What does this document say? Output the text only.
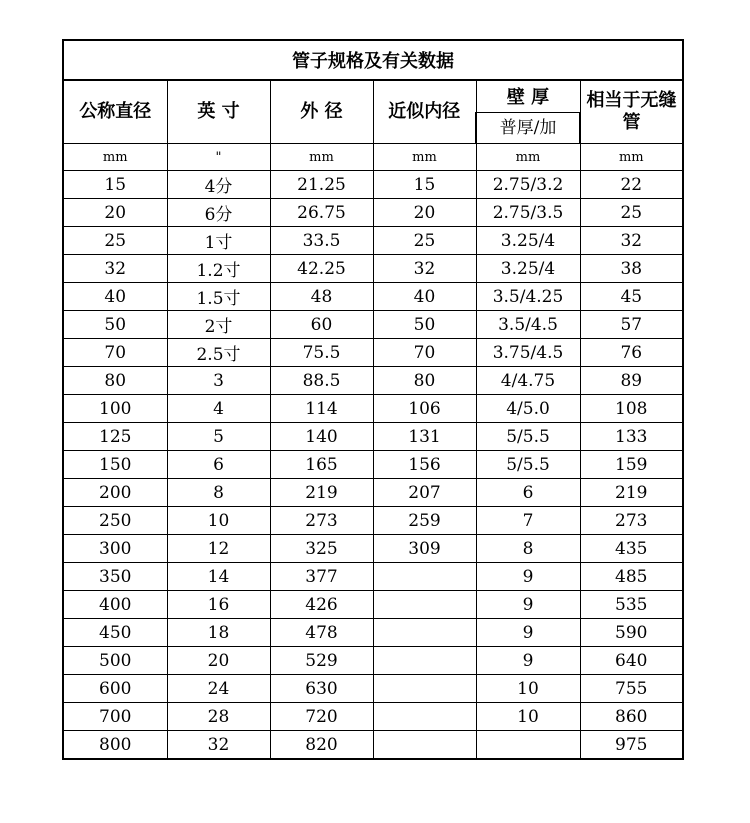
管子规格及有关数据					
公称直径	英 寸	外 径	近似内径	壁 厚	相当于无缝管
				普厚/加	
mm	"	mm	mm	mm	mm
15	4分	21.25	15	2.75/3.2	22
20	6分	26.75	20	2.75/3.5	25
25	1寸	33.5	25	3.25/4	32
32	1.2寸	42.25	32	3.25/4	38
40	1.5寸	48	40	3.5/4.25	45
50	2寸	60	50	3.5/4.5	57
70	2.5寸	75.5	70	3.75/4.5	76
80	3	88.5	80	4/4.75	89
100	4	114	106	4/5.0	108
125	5	140	131	5/5.5	133
150	6	165	156	5/5.5	159
200	8	219	207	6	219
250	10	273	259	7	273
300	12	325	309	8	435
350	14	377		9	485
400	16	426		9	535
450	18	478		9	590
500	20	529		9	640
600	24	630		10	755
700	28	720		10	860
800	32	820			975
